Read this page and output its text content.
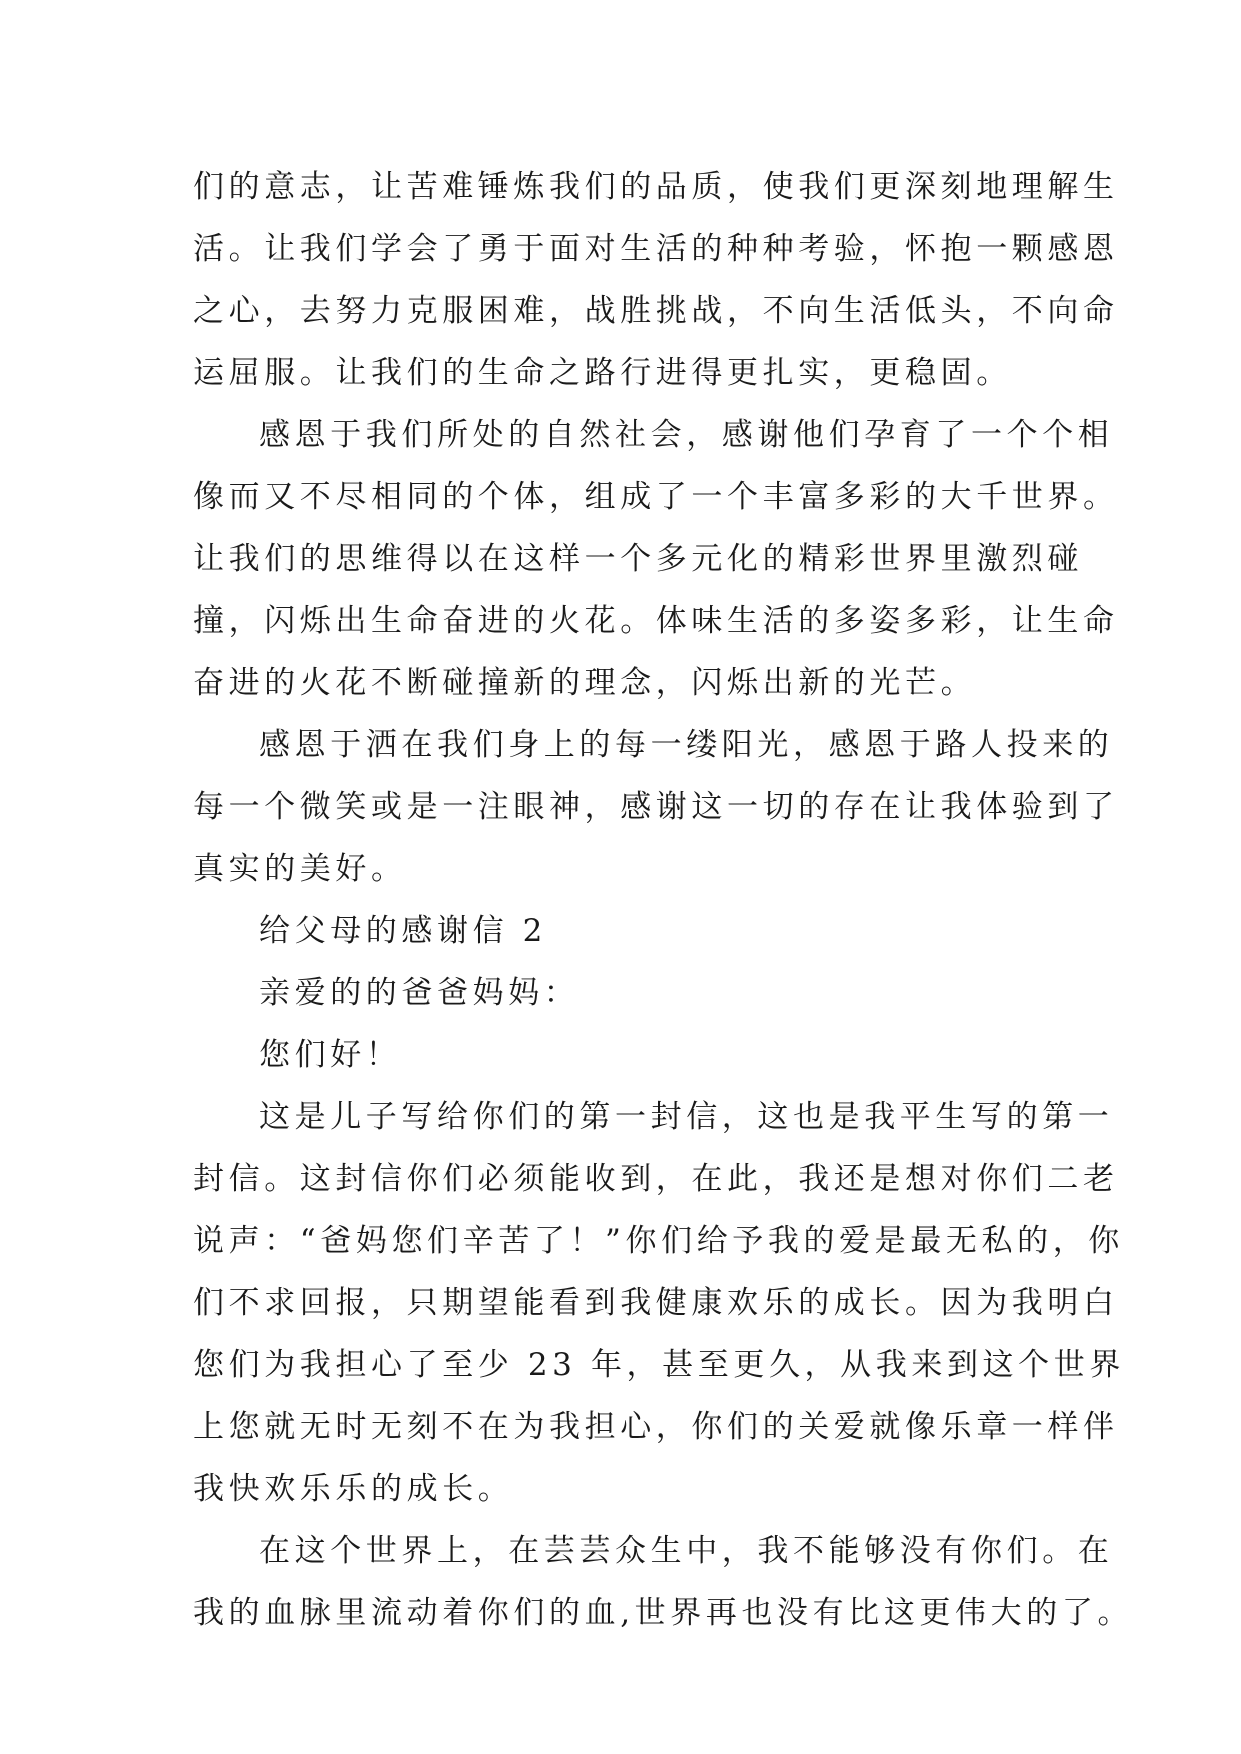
们的意志，让苦难锤炼我们的品质，使我们更深刻地理解生
活。让我们学会了勇于面对生活的种种考验，怀抱一颗感恩
之心，去努力克服困难，战胜挑战，不向生活低头，不向命
运屈服。让我们的生命之路行进得更扎实，更稳固。

感恩于我们所处的自然社会，感谢他们孕育了一个个相
像而又不尽相同的个体，组成了一个丰富多彩的大千世界。
让我们的思维得以在这样一个多元化的精彩世界里激烈碰
撞，闪烁出生命奋进的火花。体味生活的多姿多彩，让生命
奋进的火花不断碰撞新的理念，闪烁出新的光芒。

感恩于洒在我们身上的每一缕阳光，感恩于路人投来的
每一个微笑或是一注眼神，感谢这一切的存在让我体验到了
真实的美好。

给父母的感谢信 2

亲爱的的爸爸妈妈：

您们好！

这是儿子写给你们的第一封信，这也是我平生写的第一
封信。这封信你们必须能收到，在此，我还是想对你们二老
说声：“爸妈您们辛苦了！”你们给予我的爱是最无私的，你
们不求回报，只期望能看到我健康欢乐的成长。因为我明白
您们为我担心了至少 23 年，甚至更久，从我来到这个世界
上您就无时无刻不在为我担心，你们的关爱就像乐章一样伴
我快欢乐乐的成长。

在这个世界上，在芸芸众生中，我不能够没有你们。在
我的血脉里流动着你们的血,世界再也没有比这更伟大的了。
